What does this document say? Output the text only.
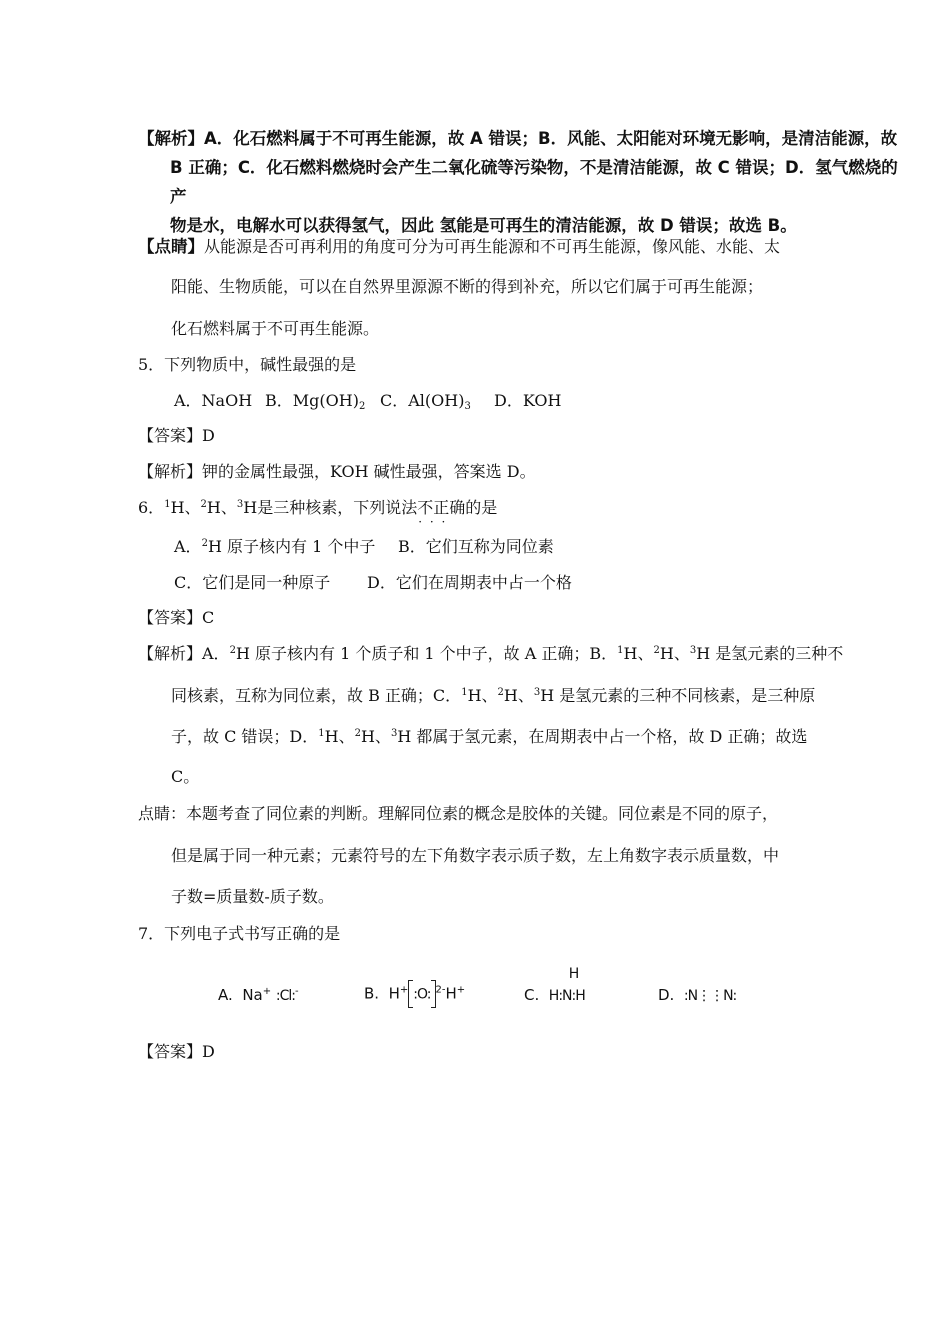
【解析】A．化石燃料属于不可再生能源，故 A 错误；B．风能、太阳能对环境无影响，是清洁能源，故
B 正确；C．化石燃料燃烧时会产生二氧化硫等污染物，不是清洁能源，故 C 错误；D．氢气燃烧的产
物是水，电解水可以获得氢气，因此 氢能是可再生的清洁能源，故 D 错误；故选 B。
【点睛】从能源是否可再利用的角度可分为可再生能源和不可再生能源，像风能、水能、太
阳能、生物质能，可以在自然界里源源不断的得到补充，所以它们属于可再生能源；
化石燃料属于不可再生能源。
5．下列物质中，碱性最强的是
A．NaOH B．$Mg(OH)_2$ C．$Al(OH)_3$ D．KOH
【答案】D
【解析】钾的金属性最强，KOH 碱性最强，答案选 D。
6．$^1$H、$^2$H、$^3$H是三种核素，下列说法不正确 · · ·的是
A．$^2$H 原子核内有 1 个中子 B．它们互称为同位素
C．它们是同一种原子 D．它们在周期表中占一个格
【答案】C
【解析】A．$^2$H 原子核内有 1 个质子和 1 个中子，故 A 正确；B．$^1$H、$^2$H、$^3$H 是氢元素的三种不
同核素，互称为同位素，故 B 正确；C．$^1$H、$^2$H、$^3$H 是氢元素的三种不同核素，是三种原
子，故 C 错误；D．$^1$H、$^2$H、$^3$H 都属于氢元素，在周期表中占一个格，故 D 正确；故选
C。
点睛：本题考查了同位素的判断。理解同位素的概念是胶体的关键。同位素是不同的原子，
但是属于同一种元素；元素符号的左下角数字表示质子数，左上角数字表示质量数，中
子数=质量数-质子数。
7．下列电子式书写正确的是
A. Na+ :Cl:-	B. H+ :O: $^{2-}$H+	C.
H
H:N:H	D. :N⋮⋮N:
【答案】D
